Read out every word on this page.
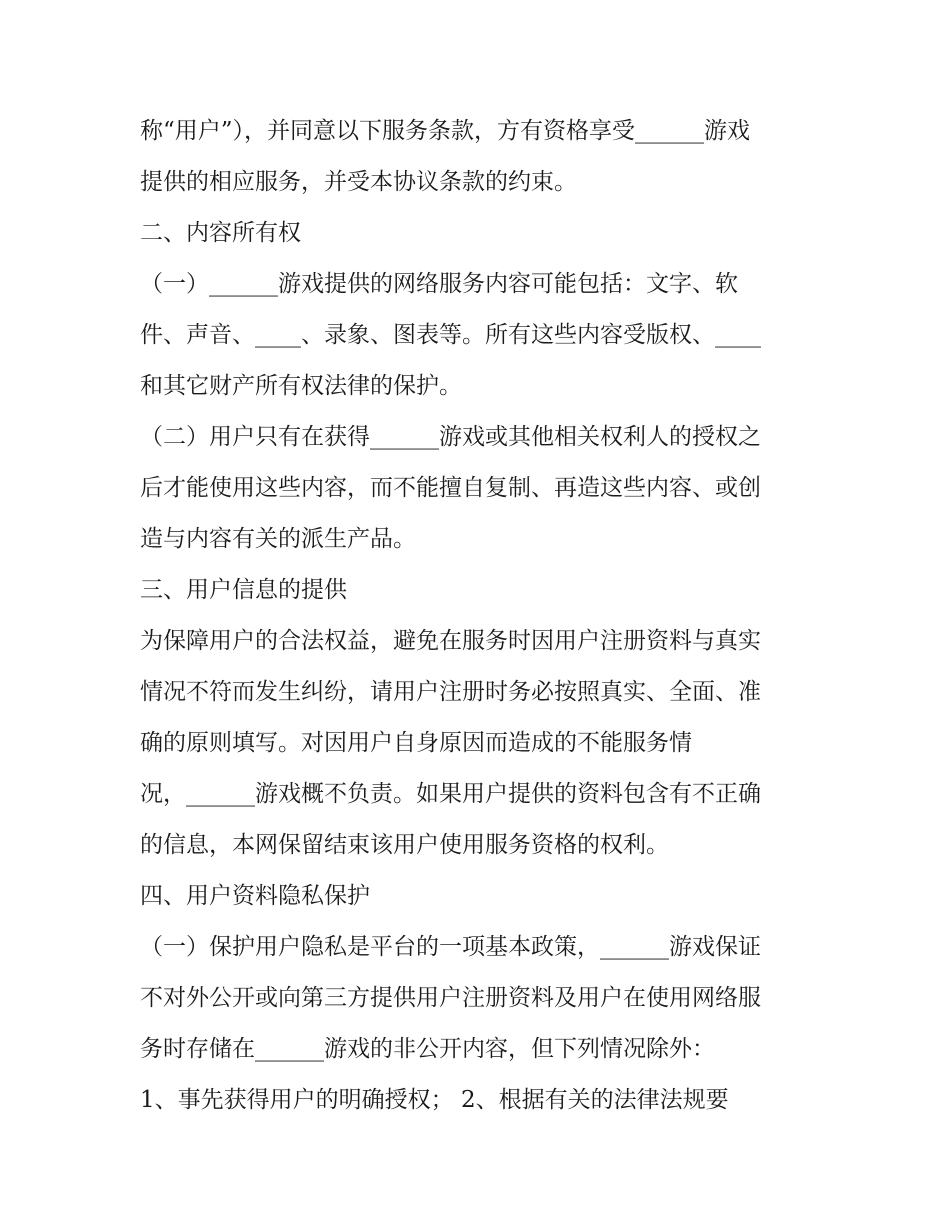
称“用户”），并同意以下服务条款，方有资格享受______游戏
提供的相应服务，并受本协议条款的约束。
二、内容所有权
（一）______游戏提供的网络服务内容可能包括：文字、软
件、声音、____、录象、图表等。所有这些内容受版权、____
和其它财产所有权法律的保护。
（二）用户只有在获得______游戏或其他相关权利人的授权之
后才能使用这些内容，而不能擅自复制、再造这些内容、或创
造与内容有关的派生产品。
三、用户信息的提供
为保障用户的合法权益，避免在服务时因用户注册资料与真实
情况不符而发生纠纷，请用户注册时务必按照真实、全面、准
确的原则填写。对因用户自身原因而造成的不能服务情
况，______游戏概不负责。如果用户提供的资料包含有不正确
的信息，本网保留结束该用户使用服务资格的权利。
四、用户资料隐私保护
（一）保护用户隐私是平台的一项基本政策，______游戏保证
不对外公开或向第三方提供用户注册资料及用户在使用网络服
务时存储在______游戏的非公开内容，但下列情况除外：
1、事先获得用户的明确授权； 2、根据有关的法律法规要
